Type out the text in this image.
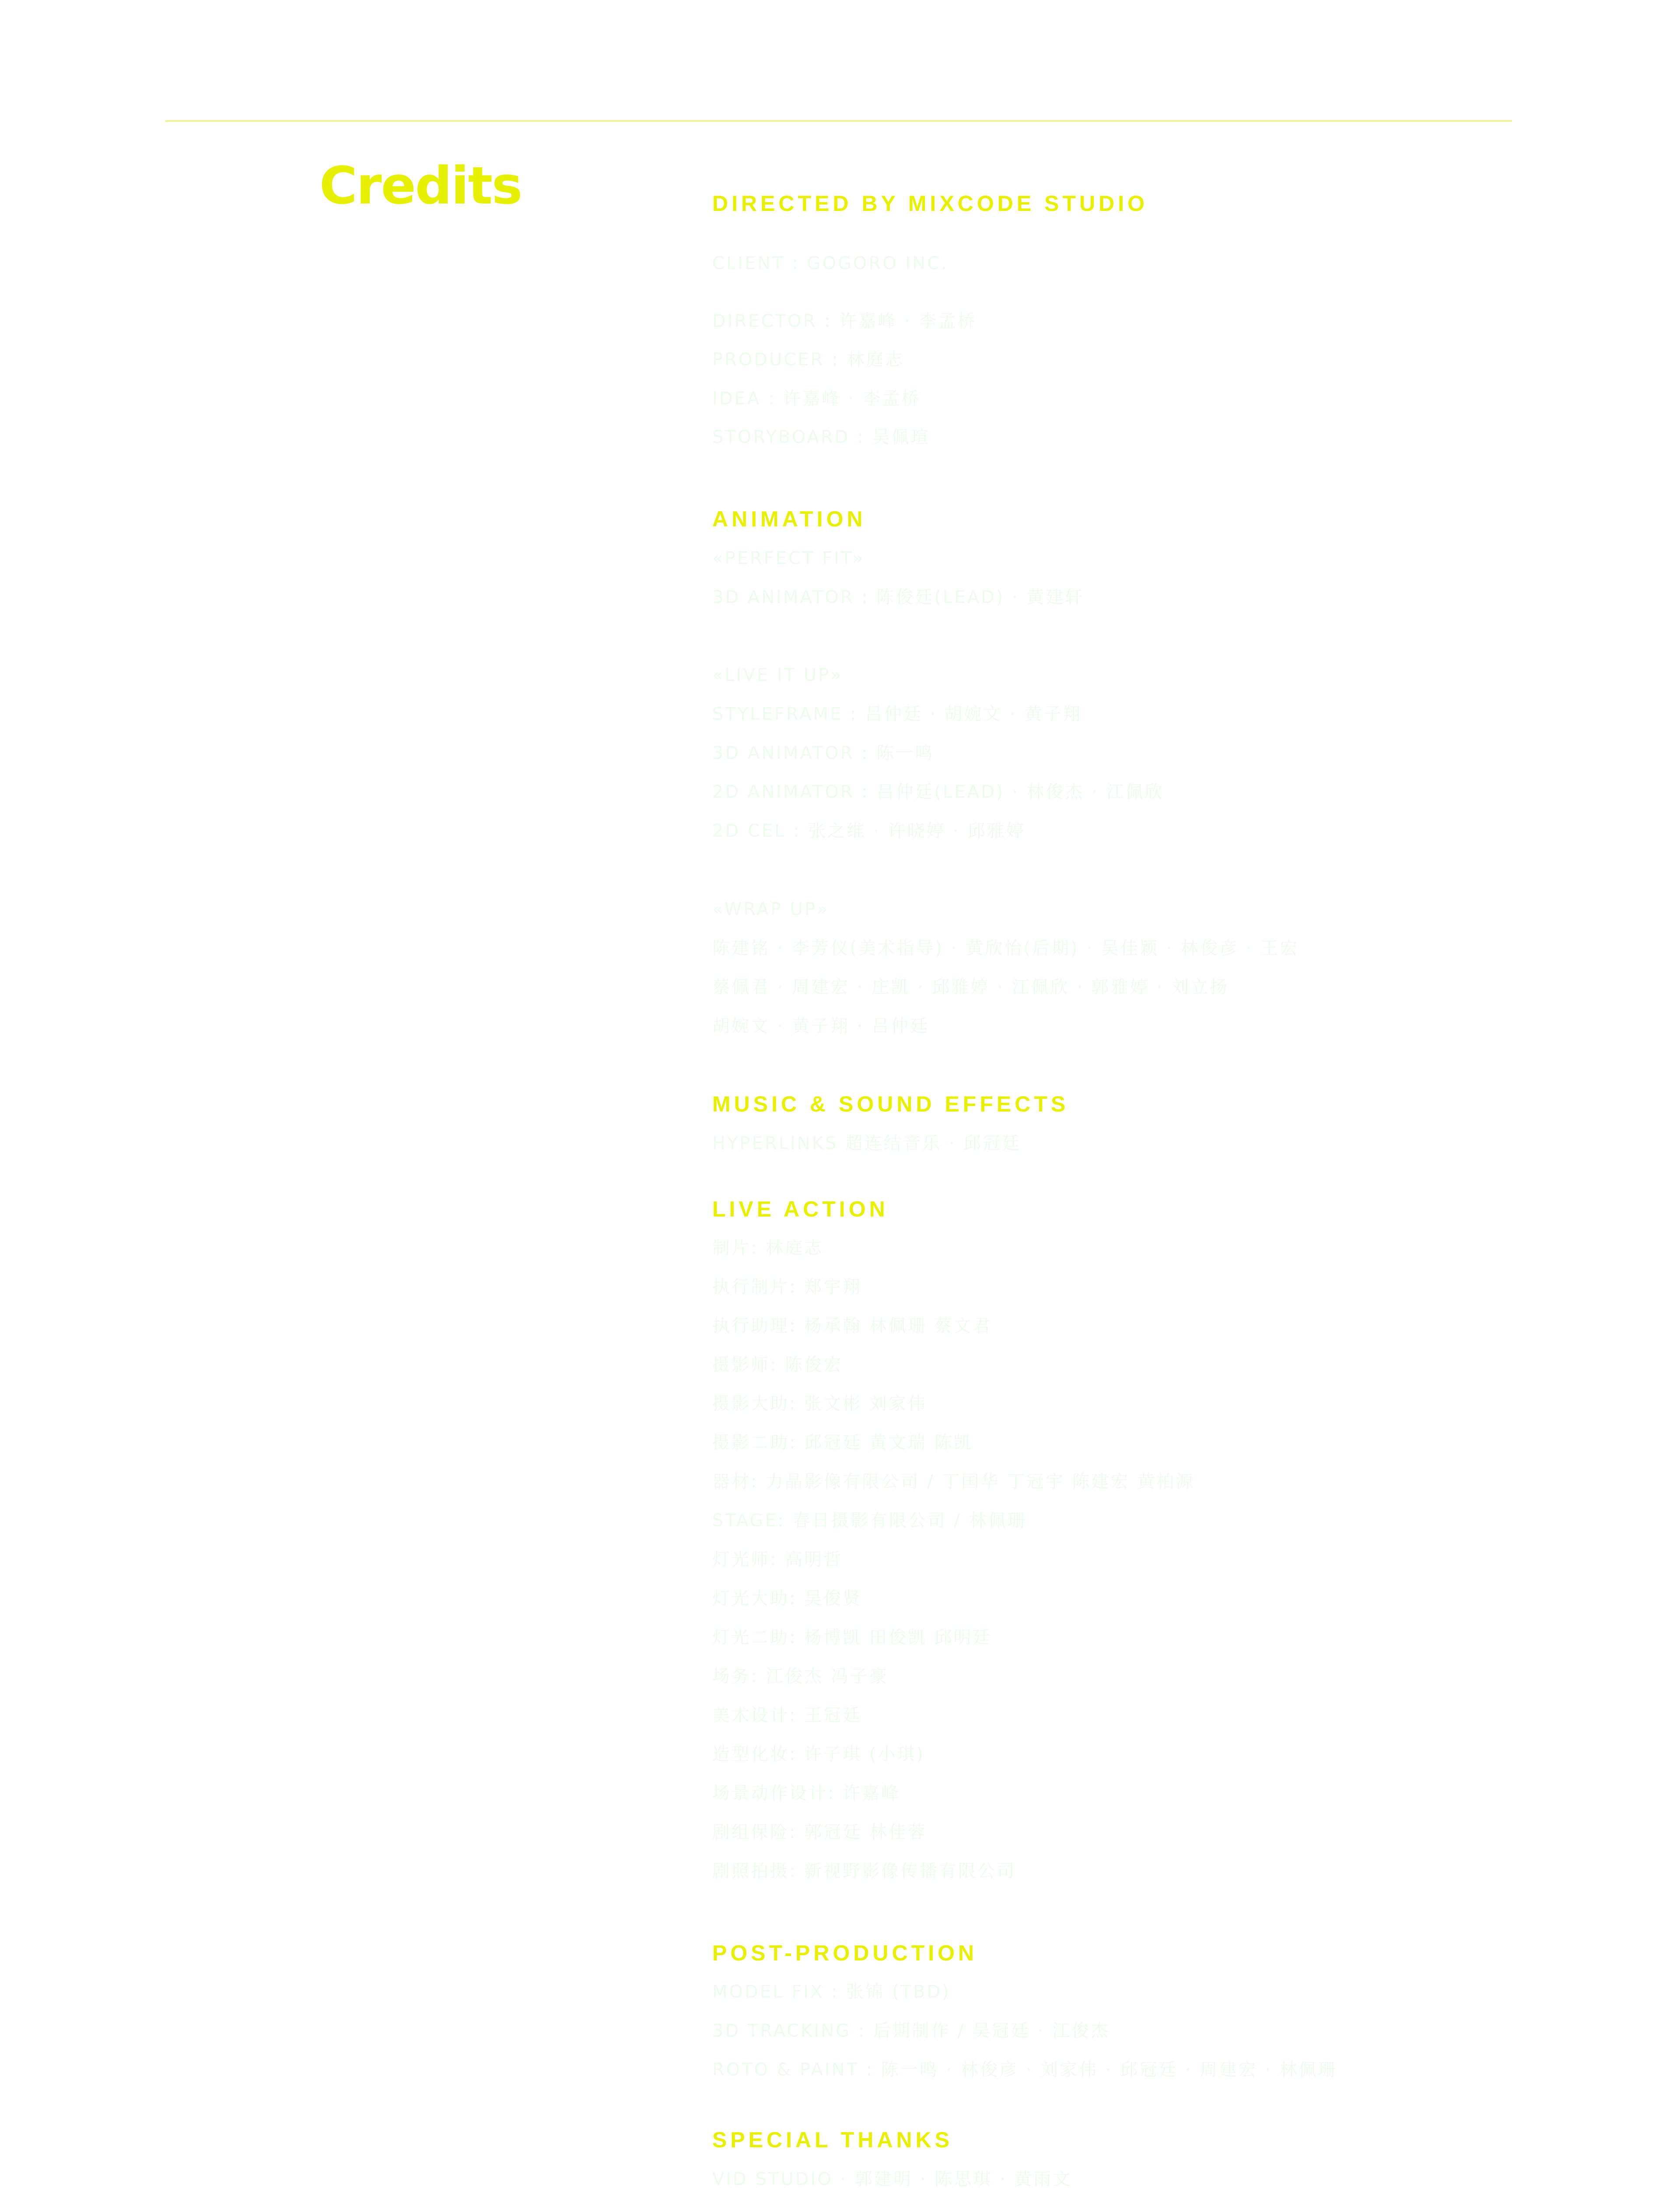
Credits	DIRECTED BY MIXCODE STUDIO

CLIENT : GOGORO INC.

DIRECTOR : 许嘉峰 · 李孟桥

PRODUCER : 林庭志

IDEA : 许嘉峰 · 李孟桥

STORYBOARD : 吴佩瑄

ANIMATION

«PERFECT FIT»

3D ANIMATOR : 陈俊廷(LEAD) · 黄建轩

«LIVE IT UP»

STYLEFRAME : 吕仲廷 · 胡婉文 · 黄子翔

3D ANIMATOR : 陈一鸣

2D ANIMATOR : 吕仲廷(LEAD) · 林俊杰 · 江佩欣

2D CEL : 张之维 · 许晓婷 · 邱雅婷

«WRAP UP»

陈建铭 · 李芳仪(美术指导) · 黄欣怡(后期) · 吴佳颖 · 林俊彦 · 王宏

蔡佩君 · 周建宏 · 庄凯 · 邱雅婷 · 江佩欣 · 郭雅婷 · 刘立扬

胡婉文 · 黄子翔 · 吕仲廷

MUSIC & SOUND EFFECTS

HYPERLINKS 超连结音乐 · 邱冠廷

LIVE ACTION

制片: 林庭志

执行制片: 郑宇翔

执行助理: 杨承翰 林佩珊 蔡文君

摄影师: 陈俊宏

摄影大助: 张文彬 刘家伟

摄影二助: 邱冠廷 黄文瑞 陈凯

器材: 力晶影像有限公司 / 丁国华 丁冠宇 陈建宏 黄柏源

STAGE: 春日摄影有限公司 / 林佩珊

灯光师: 高明哲

灯光大助: 吴俊贤

灯光二助: 杨博凯 田俊凯 邱明廷

场务: 江俊杰 冯子豪

美术设计: 王冠廷

造型化妆: 许子琪 (小琪)

场景动作设计: 许嘉峰

剧组保险: 郭冠廷 林佳蓉

剧照拍摄: 新视野影像传播有限公司

POST-PRODUCTION

MODEL FIX : 张锦 (TBD)

3D TRACKING : 后期制作 / 吴冠廷 · 江俊杰

ROTO & PAINT : 陈一鸣 · 林俊彦 · 刘家伟 · 邱冠廷 · 周建宏 · 林佩珊

SPECIAL THANKS

VID STUDIO · 郭建明 · 陈思琪 · 黄雨文
